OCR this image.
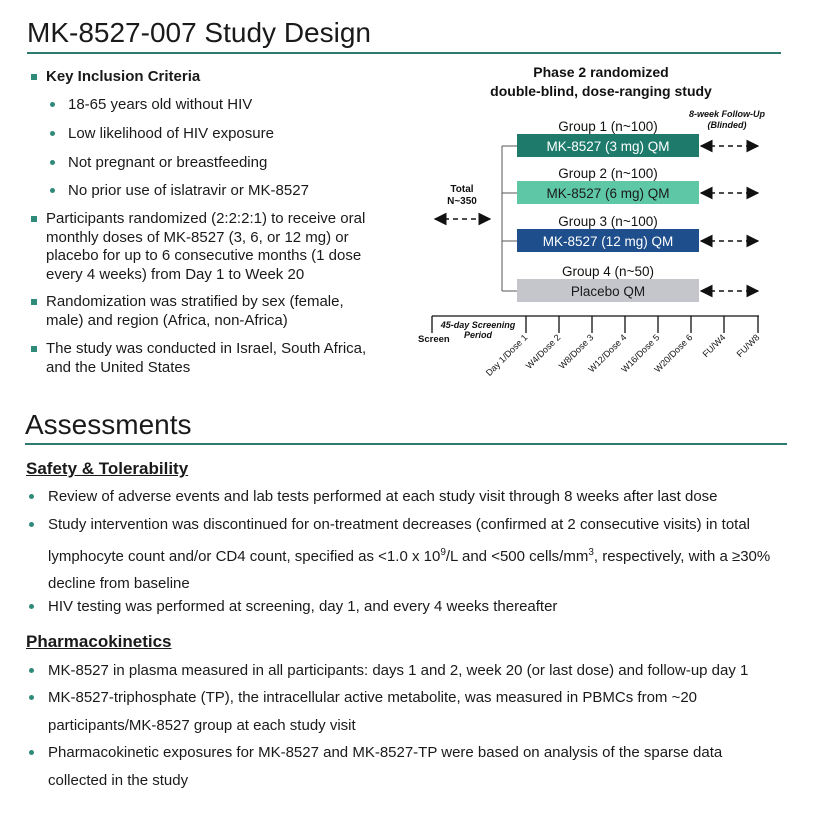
MK-8527-007 Study Design
Key Inclusion Criteria
18-65 years old without HIV
Low likelihood of HIV exposure
Not pregnant or breastfeeding
No prior use of islatravir or MK-8527
Participants randomized (2:2:2:1) to receive oral monthly doses of MK-8527 (3, 6, or 12 mg) or placebo for up to 6 consecutive months (1 dose every 4 weeks) from Day 1 to Week 20
Randomization was stratified by sex (female, male) and region (Africa, non-Africa)
The study was conducted in Israel, South Africa, and the United States
Phase 2 randomized
double-blind, dose-ranging study
8-week Follow-Up
(Blinded)
Total
N~350
Group 1 (n~100)
MK-8527 (3 mg) QM
Group 2 (n~100)
MK-8527 (6 mg) QM
Group 3 (n~100)
MK-8527 (12 mg) QM
Group 4 (n~50)
Placebo QM
Screen
45-day Screening
Period
Day 1/Dose 1
W4/Dose 2
W8/Dose 3
W12/Dose 4
W16/Dose 5
W20/Dose 6 FU/W4 FU/W8
Assessments
Safety & Tolerability
Review of adverse events and lab tests performed at each study visit through 8 weeks after last dose
Study intervention was discontinued for on-treatment decreases (confirmed at 2 consecutive visits) in total lymphocyte count and/or CD4 count, specified as <1.0 x $10^9/L$ and <500 cells/$mm^3$, respectively, with a ≥30% decline from baseline
HIV testing was performed at screening, day 1, and every 4 weeks thereafter
Pharmacokinetics
MK-8527 in plasma measured in all participants: days 1 and 2, week 20 (or last dose) and follow-up day 1
MK-8527-triphosphate (TP), the intracellular active metabolite, was measured in PBMCs from ~20 participants/MK-8527 group at each study visit
Pharmacokinetic exposures for MK-8527 and MK-8527-TP were based on analysis of the sparse data collected in the study
